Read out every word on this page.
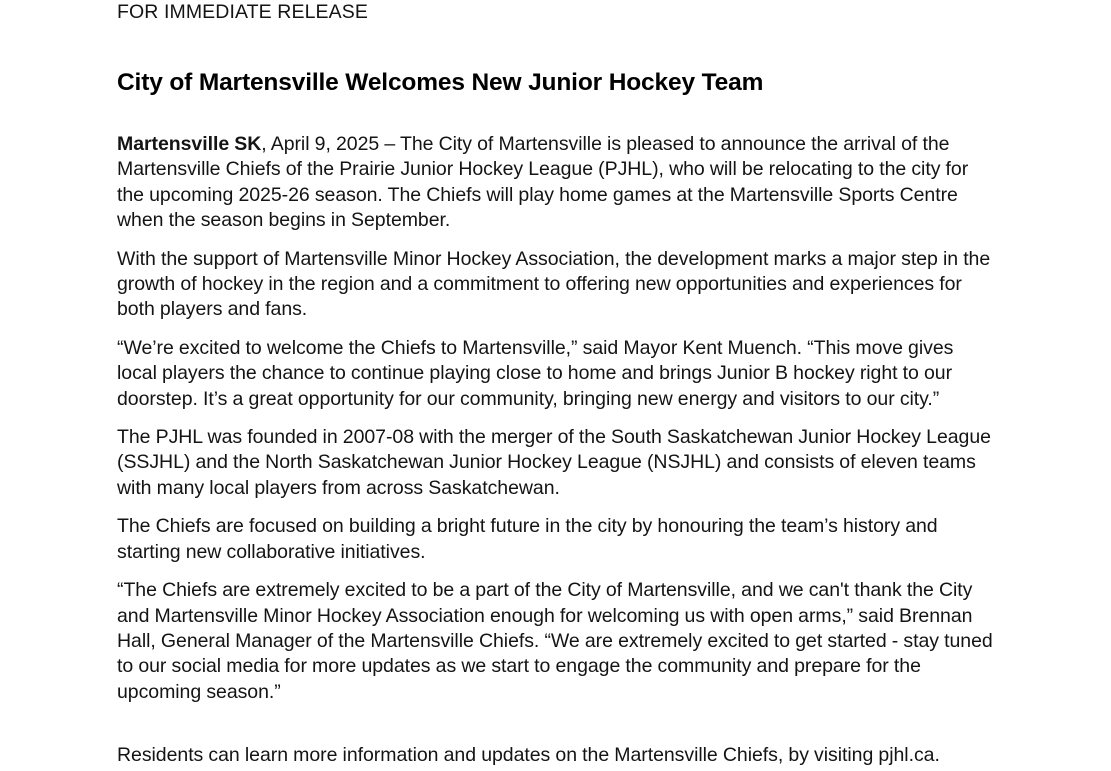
FOR IMMEDIATE RELEASE

City of Martensville Welcomes New Junior Hockey Team

Martensville SK, April 9, 2025 – The City of Martensville is pleased to announce the arrival of the Martensville Chiefs of the Prairie Junior Hockey League (PJHL), who will be relocating to the city for the upcoming 2025-26 season. The Chiefs will play home games at the Martensville Sports Centre when the season begins in September.

With the support of Martensville Minor Hockey Association, the development marks a major step in the growth of hockey in the region and a commitment to offering new opportunities and experiences for both players and fans.

“We’re excited to welcome the Chiefs to Martensville,” said Mayor Kent Muench. “This move gives local players the chance to continue playing close to home and brings Junior B hockey right to our doorstep. It’s a great opportunity for our community, bringing new energy and visitors to our city.”

The PJHL was founded in 2007-08 with the merger of the South Saskatchewan Junior Hockey League (SSJHL) and the North Saskatchewan Junior Hockey League (NSJHL) and consists of eleven teams with many local players from across Saskatchewan.

The Chiefs are focused on building a bright future in the city by honouring the team’s history and starting new collaborative initiatives.

“The Chiefs are extremely excited to be a part of the City of Martensville, and we can't thank the City and Martensville Minor Hockey Association enough for welcoming us with open arms,” said Brennan Hall, General Manager of the Martensville Chiefs. “We are extremely excited to get started - stay tuned to our social media for more updates as we start to engage the community and prepare for the upcoming season.”

Residents can learn more information and updates on the Martensville Chiefs, by visiting pjhl.ca.
